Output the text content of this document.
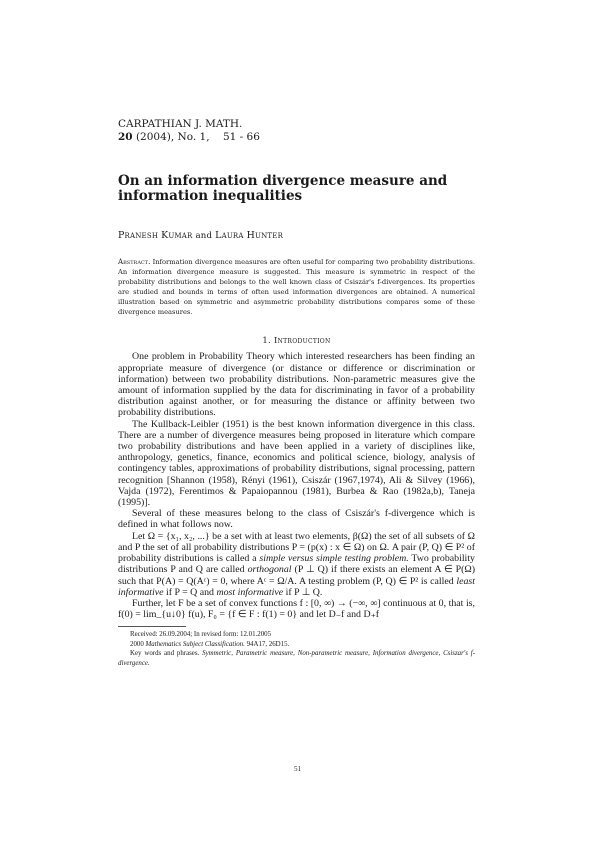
CARPATHIAN J. MATH.
20 (2004), No. 1, 51 - 66
On an information divergence measure and
information inequalities
Pranesh Kumar and Laura Hunter
Abstract. Information divergence measures are often useful for comparing two probability distributions. An information divergence measure is suggested. This measure is symmetric in respect of the probability distributions and belongs to the well known class of Csiszár's f-divergences. Its properties are studied and bounds in terms of often used information divergences are obtained. A numerical illustration based on symmetric and asymmetric probability distributions compares some of these divergence measures.
1. Introduction

One problem in Probability Theory which interested researchers has been finding an appropriate measure of divergence (or distance or difference or discrimination or information) between two probability distributions. Non-parametric measures give the amount of information supplied by the data for discriminating in favor of a probability distribution against another, or for measuring the distance or affinity between two probability distributions.

The Kullback-Leibler (1951) is the best known information divergence in this class. There are a number of divergence measures being proposed in literature which compare two probability distributions and have been applied in a variety of disciplines like, anthropology, genetics, finance, economics and political science, biology, analysis of contingency tables, approximations of probability distributions, signal processing, pattern recognition [Shannon (1958), Rényi (1961), Csiszár (1967,1974), Ali & Silvey (1966), Vajda (1972), Ferentimos & Papaiopannou (1981), Burbea & Rao (1982a,b), Taneja (1995)].

Several of these measures belong to the class of Csiszár's f-divergence which is defined in what follows now.

Let Ω = {x₁, x₂, ...} be a set with at least two elements, β(Ω) the set of all subsets of Ω and P the set of all probability distributions P = (p(x) : x ∈ Ω) on Ω. A pair (P, Q) ∈ P² of probability distributions is called a simple versus simple testing problem. Two probability distributions P and Q are called orthogonal (P ⊥ Q) if there exists an element A ∈ P(Ω) such that P(A) = Q(Aᶜ) = 0, where Aᶜ = Ω/A. A testing problem (P, Q) ∈ P² is called least informative if P = Q and most informative if P ⊥ Q.

Further, let F be a set of convex functions f : [0, ∞) → (−∞, ∞] continuous at 0, that is, f(0) = lim_{u↓0} f(u), F₀ = {f ∈ F : f(1) = 0} and let D₋f and D₊f

Received: 26.09.2004; In revised form: 12.01.2005

2000 Mathematics Subject Classification. 94A17, 26D15.

Key words and phrases. Symmetric, Parametric measure, Non-parametric measure, Information divergence, Csiszar's f-divergence.

51
